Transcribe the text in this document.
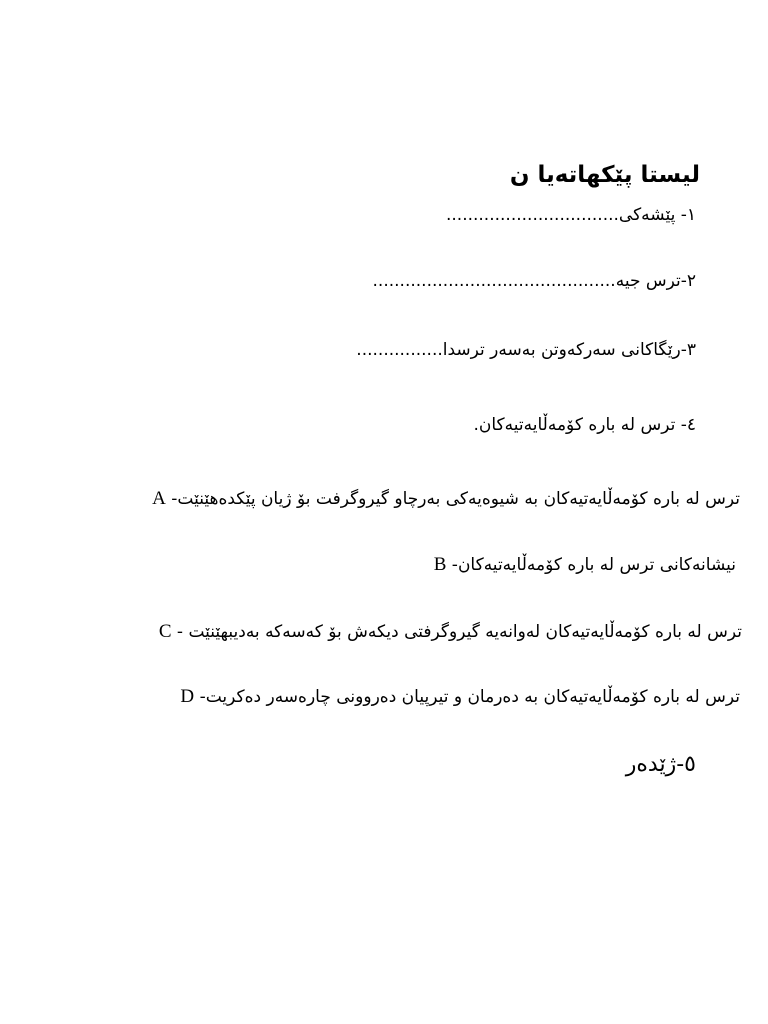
لیستا پێکهاتەیا ن
١- پێشەکی................................
٢-ترس جیە.............................................
٣-رێگاکانی سەرکەوتن بەسەر ترسدا................
٤- ترس لە بارە کۆمەڵایەتیەکان.
A -ترس لە بارە کۆمەڵایەتیەکان بە شیوەیەکی بەرچاو گیروگرفت بۆ ژیان پێکدەهێنێت
B -نیشانەکانی ترس لە بارە کۆمەڵایەتیەکان
C - ترس لە بارە کۆمەڵایەتیەکان لەوانەیە گیروگرفتی دیکەش بۆ کەسەکە بەدیبهێنێت
D -ترس لە بارە کۆمەڵایەتیەکان بە دەرمان و تیرپیان دەروونی چارەسەر دەکریت
٥-ژێدەر
